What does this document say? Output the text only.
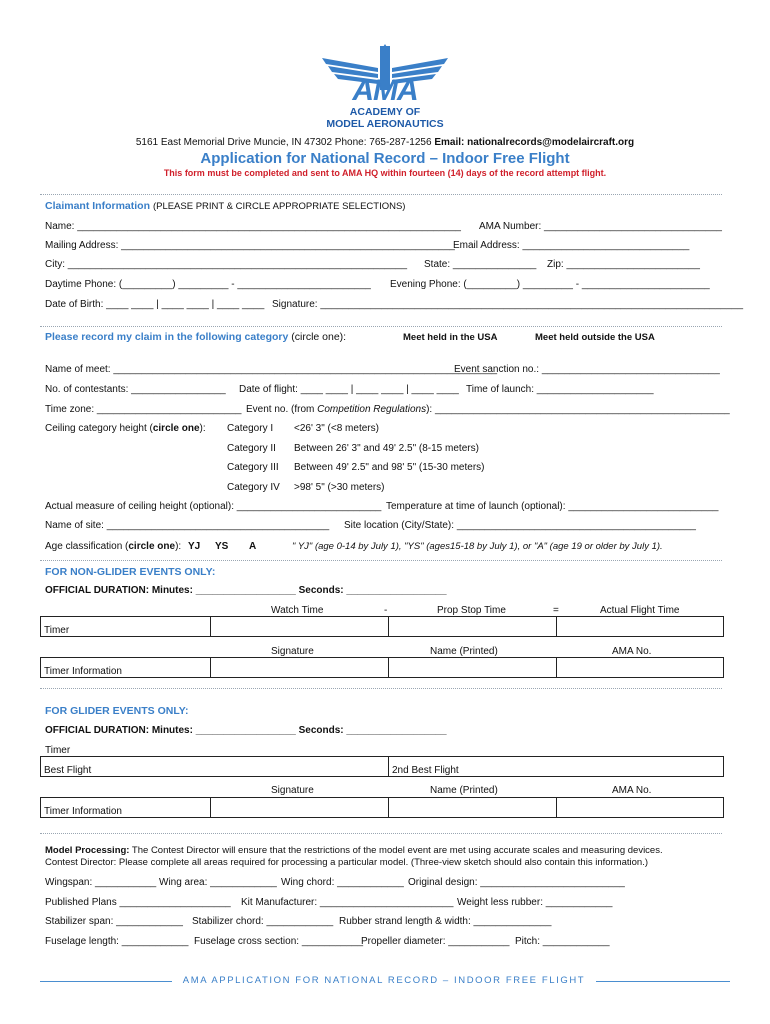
AMA
ACADEMY OF
MODEL AERONAUTICS
5161 East Memorial Drive Muncie, IN 47302 Phone: 765-287-1256 Email: nationalrecords@modelaircraft.org
Application for National Record – Indoor Free Flight
This form must be completed and sent to AMA HQ within fourteen (14) days of the record attempt flight.
Claimant Information (PLEASE PRINT & CIRCLE APPROPRIATE SELECTIONS)
Name: _____________________________________________________________________ AMA Number: ________________________________
Mailing Address: ____________________________________________________________
Email Address: ______________________________
City: _____________________________________________________________ State: _______________ Zip: ________________________
Daytime Phone: (_________) _________ - ________________________ Evening Phone: (_________) _________ - _______________________
Date of Birth: ____ ____ | ____ ____ | ____ ____ Signature: ____________________________________________________________________________
Please record my claim in the following category (circle one):	Meet held in the USA	Meet held outside the USA
Name of meet: _____________________________________________________________________
Event sanction no.: ________________________________
No. of contestants: _________________ Date of flight: ____ ____ | ____ ____ | ____ ____ Time of launch: _____________________
Time zone: __________________________ Event no. (from Competition Regulations): _____________________________________________________
Ceiling category height (circle one): Category I <26' 3" (<8 meters)
Category II Between 26' 3" and 49' 2.5" (8-15 meters)
Category III Between 49' 2.5" and 98' 5" (15-30 meters)
Category IV >98' 5" (>30 meters)
Actual measure of ceiling height (optional): __________________________ Temperature at time of launch (optional): ___________________________
Name of site: ________________________________________ Site location (City/State): ___________________________________________
Age classification (circle one): YJ YS A	" YJ" (age 0-14 by July 1), "YS" (ages15-18 by July 1), or "A" (age 19 or older by July 1).
FOR NON-GLIDER EVENTS ONLY:
OFFICIAL DURATION: Minutes: __________________ Seconds: __________________
Watch Time	-	Prop Stop Time	=	Actual Flight Time
Timer			
Signature	Name (Printed)	AMA No.
Timer Information			
FOR GLIDER EVENTS ONLY:
OFFICIAL DURATION: Minutes: __________________ Seconds: __________________
Timer
Best Flight	2nd Best Flight
Signature	Name (Printed)	AMA No.
Timer Information			
Model Processing: The Contest Director will ensure that the restrictions of the model event are met using accurate scales and measuring devices.
Contest Director: Please complete all areas required for processing a particular model. (Three-view sketch should also contain this information.)
Wingspan: ___________ Wing area: ____________ Wing chord: ____________ Original design: __________________________
Published Plans ____________________ Kit Manufacturer: ________________________ Weight less rubber: ____________
Stabilizer span: ____________ Stabilizer chord: ____________ Rubber strand length & width: ______________
Fuselage length: ____________ Fuselage cross section: ___________
Propeller diameter: ___________ Pitch: ____________
AMA APPLICATION FOR NATIONAL RECORD – INDOOR FREE FLIGHT
